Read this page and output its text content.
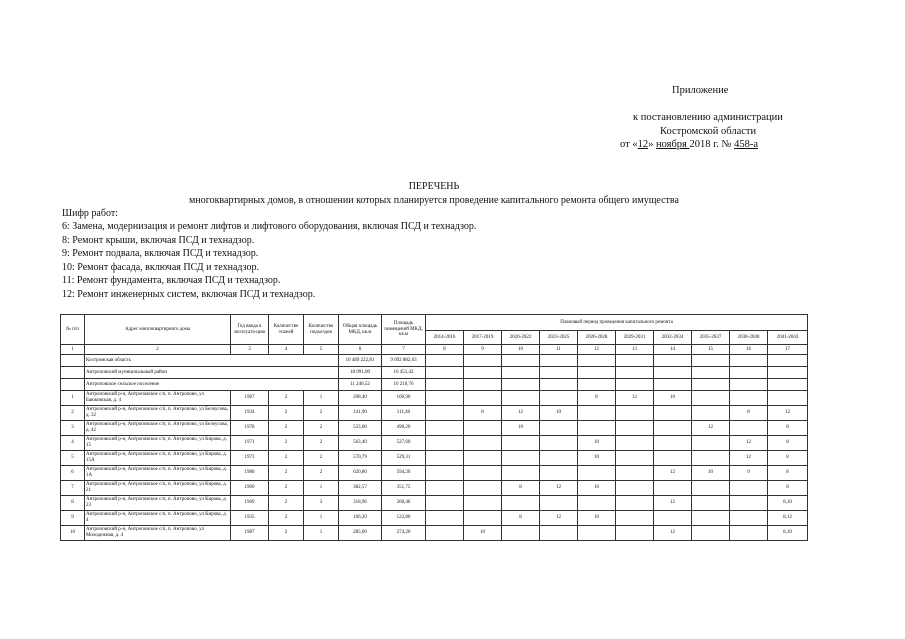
Приложение
к постановлению администрации
Костромской области
от «12» ноября 2018 г. № 458-а
ПЕРЕЧЕНЬ
многоквартирных домов, в отношении которых планируется проведение капитального ремонта общего имущества
Шифр работ:
6: Замена, модернизация и ремонт лифтов и лифтового оборудования, включая ПСД и технадзор.
8: Ремонт крыши, включая ПСД и технадзор.
9: Ремонт подвала, включая ПСД и технадзор.
10: Ремонт фасада, включая ПСД и технадзор.
11: Ремонт фундамента, включая ПСД и технадзор.
12: Ремонт инженерных систем, включая ПСД и технадзор.
№ п/п	Адрес многоквартирного дома	Год ввода в эксплуата-цию	Количество этажей	Количество подъездов	Общая площадь МКД, кв.м	Площадь помещений МКД, кв.м	Плановый период проведения капитального ремонта									
							2014-2016	2017-2019	2020-2022	2023-2025	2026-2028	2029-2031	2032-2034	2035-2037	2038-2040	2041-2043
1	2	3	4	5	6	7	8	9	10	11	12	13	14	15	16	17
	Костромская область				10 489 222,81	9 092 882,63										
	Антроповский муниципальный район				18 091,00	16 451,42										
	Антроповское сельское поселение				11 246,52	10 210,76										
1	Антроповский р-н, Антроповское с/п, п. Антропово, ул Баюковская, д. 4	1967	2	1	208,40	160,90					8	12	10			
2	Антроповский р-н, Антроповское с/п, п. Антропово, ул Белоусова, д. 32	1934	2	2	141,90	111,40		8	12	10					8	12
3	Антроповский р-н, Антроповское с/п, п. Антропово, ул Белоусова, д. 42	1978	2	2	533,00	490,20			10					12		8
4	Антроповский р-н, Антроповское с/п, п. Антропово, ул Кирова, д. 15	1971	2	2	563,40	527,60					10				12	8
5	Антроповский р-н, Антроповское с/п, п. Антропово, ул Кирова, д. 15А	1973	2	2	570,79	529,31					10				12	8
6	Антроповский р-н, Антроповское с/п, п. Антропово, ул Кирова, д. 1А	1980	2	2	620,80	594,20							12	10	9	8
7	Антроповский р-н, Антроповское с/п, п. Антропово, ул Кирова, д. 21	1969	2	1	382,57	351,75			8	12	10					8
8	Антроповский р-н, Антроповское с/п, п. Антропово, ул Кирова, д. 23	1969	2	3	318,96	260,46							12			8,10
9	Антроповский р-н, Антроповское с/п, п. Антропово, ул Кирова, д. 4	1935	2	1	166,20	122,80			8	12	10					8,12
10	Антроповский р-н, Антроповское с/п, п. Антропово, ул Молодежная, д. 4	1987	2	1	285,00	274,20		10					12			8,10
